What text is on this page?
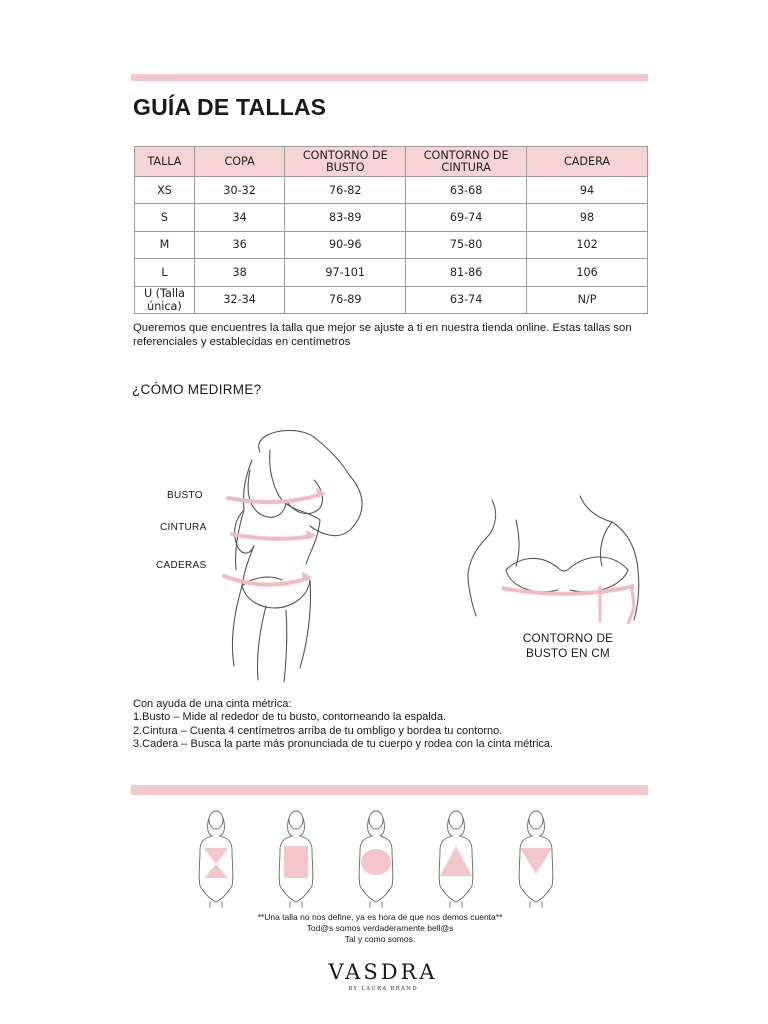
GUÍA DE TALLAS
TALLA	COPA	CONTORNO DE BUSTO	CONTORNO DE CINTURA	CADERA
XS	30-32	76-82	63-68	94
S	34	83-89	69-74	98
M	36	90-96	75-80	102
L	38	97-101	81-86	106
U (Talla única)	32-34	76-89	63-74	N/P
Queremos que encuentres la talla que mejor se ajuste a ti en nuestra tienda online. Estas tallas son referenciales y establecidas en centímetros
¿CÓMO MEDIRME?
BUSTO
CINTURA
CADERAS
CONTORNO DE
BUSTO EN CM
Con ayuda de una cinta métrica:
1.Busto – Mide al rededor de tu busto, contorneando la espalda.
2.Cintura – Cuenta 4 centímetros arriba de tu ombligo y bordea tu contorno.
3.Cadera – Busca la parte más pronunciada de tu cuerpo y rodea con la cinta métrica.
**Una talla no nos define, ya es hora de que nos demos cuenta**
Tod@s somos verdaderamente bell@s
Tal y como somos.
VASDRA
BY LAURA BRAND
